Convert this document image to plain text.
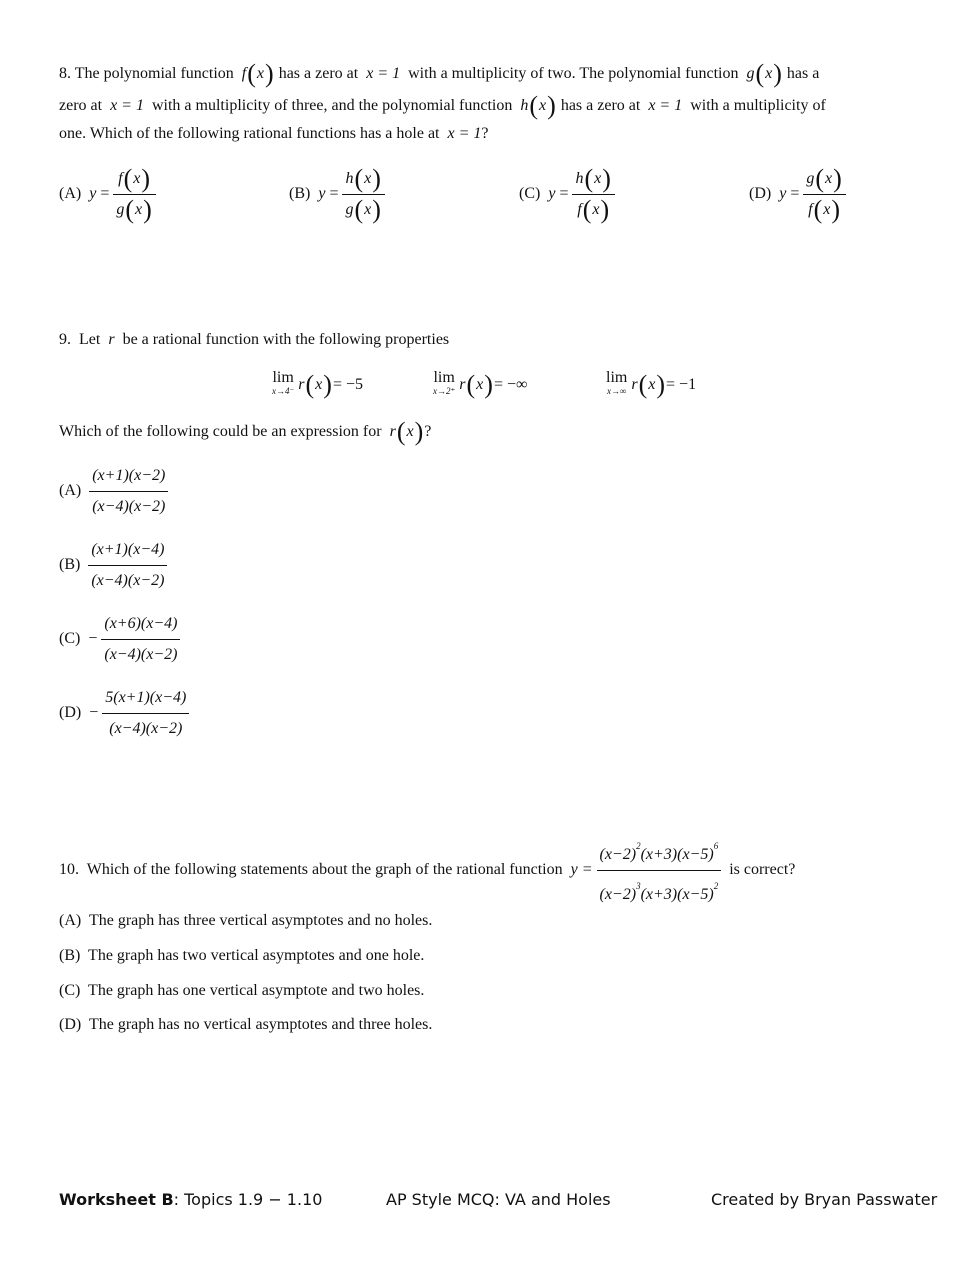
8. The polynomial function f(x) has a zero at x = 1 with a multiplicity of two. The polynomial function g(x) has a
zero at x = 1 with a multiplicity of three, and the polynomial function h(x) has a zero at x = 1 with a multiplicity of
one. Which of the following rational functions has a hole at x = 1?
(A) $y = \frac{f(x)}{g(x)}$	(B) $y = \frac{h(x)}{g(x)}$	(C) $y = \frac{h(x)}{f(x)}$	(D) $y = \frac{g(x)}{f(x)}$
9. Let r be a rational function with the following properties
lim
x→4⁻ r(x)= −5	lim
x→2⁺ r(x)= −∞	lim
x→∞ r(x)= −1
Which of the following could be an expression for r(x)?
$(A) \frac{(x+1)(x-2)}{(x-4)(x-2)}$
$(B) \frac{(x+1)(x-4)}{(x-4)(x-2)}$
$(C) - \frac{(x+6)(x-4)}{(x-4)(x-2)}$
$(D) - \frac{5(x+1)(x-4)}{(x-4)(x-2)}$
10. Which of the following statements about the graph of the rational function $y = \frac{(x-2)^2(x+3)(x-5)^6}{(x-2)^3(x+3)(x-5)^2}$ is correct?
(A) The graph has three vertical asymptotes and no holes.
(B) The graph has two vertical asymptotes and one hole.
(C) The graph has one vertical asymptote and two holes.
(D) The graph has no vertical asymptotes and three holes.
Worksheet B: Topics 1.9 − 1.10	AP Style MCQ: VA and Holes	Created by Bryan Passwater
